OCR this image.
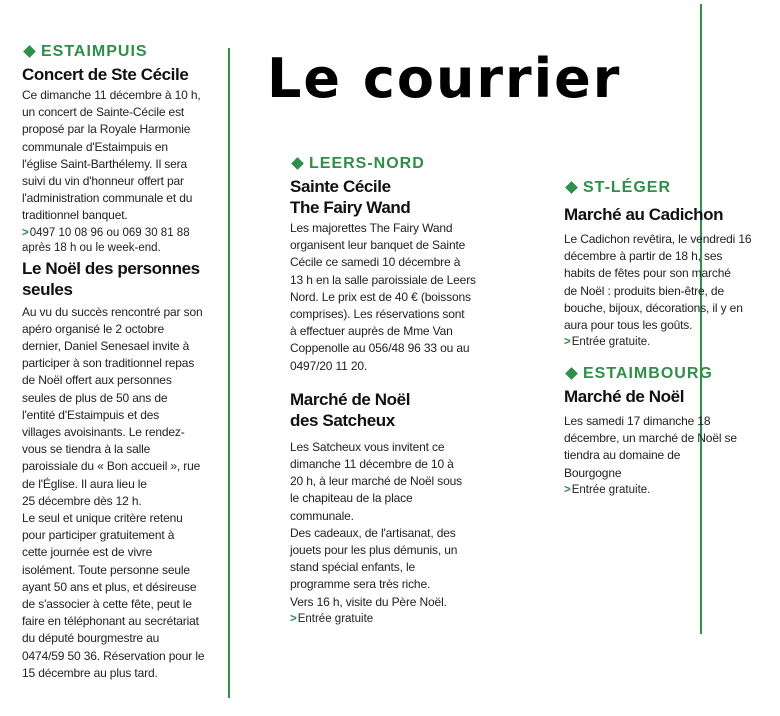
Le courrier
ESTAIMPUIS
Concert de Ste Cécile

Ce dimanche 11 décembre à 10 h,
un concert de Sainte-Cécile est
proposé par la Royale Harmonie
communale d'Estaimpuis en
l'église Saint-Barthélemy. Il sera
suivi du vin d'honneur offert par
l'administration communale et du
traditionnel banquet.

>0497 10 08 96 ou 069 30 81 88
après 18 h ou le week-end.
Le Noël des personnes seules

Au vu du succès rencontré par son
apéro organisé le 2 octobre
dernier, Daniel Senesael invite à
participer à son traditionnel repas
de Noël offert aux personnes
seules de plus de 50 ans de
l'entité d'Estaimpuis et des
villages avoisinants. Le rendez-
vous se tiendra à la salle
paroissiale du « Bon accueil », rue
de l'Église. Il aura lieu le
25 décembre dès 12 h.
Le seul et unique critère retenu
pour participer gratuitement à
cette journée est de vivre
isolément. Toute personne seule
ayant 50 ans et plus, et désireuse
de s'associer à cette fête, peut le
faire en téléphonant au secrétariat
du député bourgmestre au
0474/59 50 36. Réservation pour le
15 décembre au plus tard.

LEERS-NORD
Sainte Cécile
The Fairy Wand

Les majorettes The Fairy Wand
organisent leur banquet de Sainte
Cécile ce samedi 10 décembre à
13 h en la salle paroissiale de Leers
Nord. Le prix est de 40 € (boissons
comprises). Les réservations sont
à effectuer auprès de Mme Van
Coppenolle au 056/48 96 33 ou au
0497/20 11 20.

Marché de Noël
des Satcheux

Les Satcheux vous invitent ce
dimanche 11 décembre de 10 à
20 h, à leur marché de Noël sous
le chapiteau de la place
communale.
Des cadeaux, de l'artisanat, des
jouets pour les plus démunis, un
stand spécial enfants, le
programme sera très riche.
Vers 16 h, visite du Père Noël.

>Entrée gratuite
ST-LÉGER
Marché au Cadichon

Le Cadichon revêtira, le vendredi 16
décembre à partir de 18 h, ses
habits de fêtes pour son marché
de Noël : produits bien-être, de
bouche, bijoux, décorations, il y en
aura pour tous les goûts.

>Entrée gratuite.
ESTAIMBOURG
Marché de Noël

Les samedi 17 dimanche 18
décembre, un marché de Noël se
tiendra au domaine de
Bourgogne

>Entrée gratuite.
